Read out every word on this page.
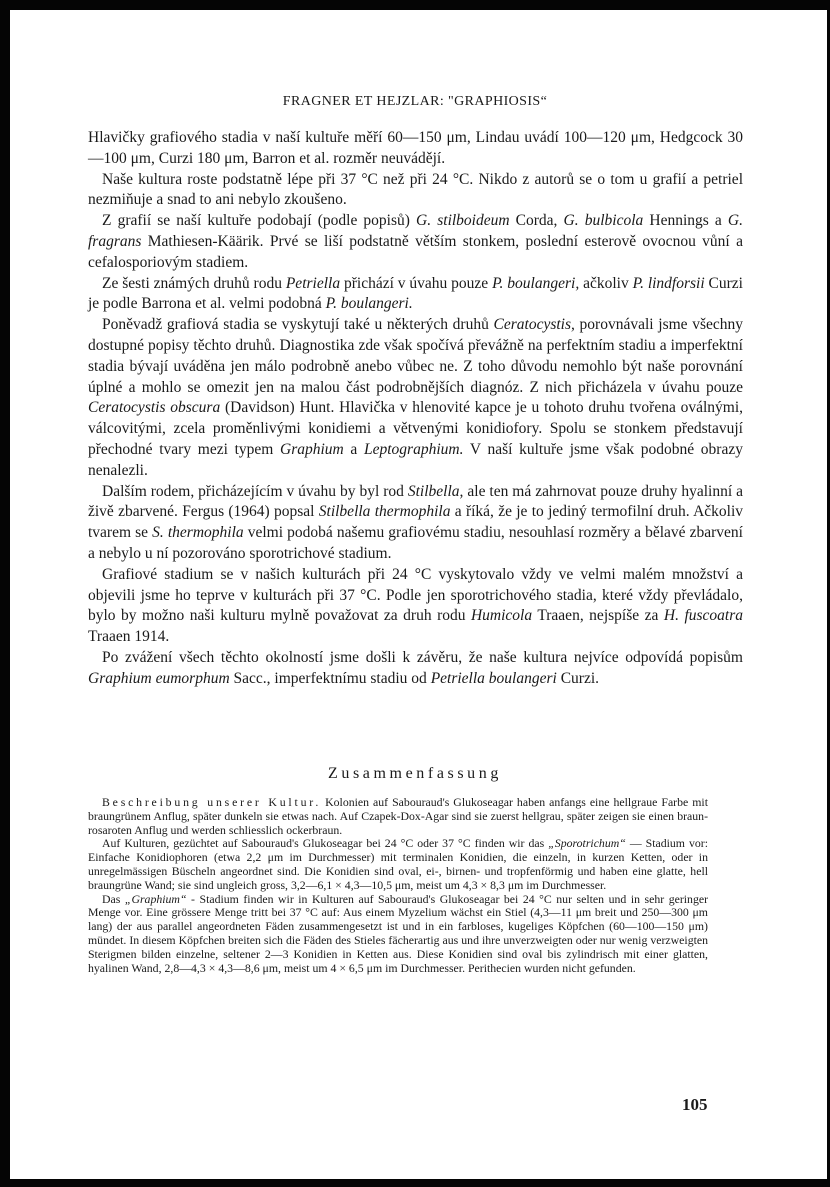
FRAGNER ET HEJZLAR: "GRAPHIOSIS“

Hlavičky grafiového stadia v naší kultuře měří 60—150 μm, Lindau uvádí 100—120 μm, Hedgcock 30—100 μm, Curzi 180 μm, Barron et al. rozměr neuvádějí.

Naše kultura roste podstatně lépe při 37 °C než při 24 °C. Nikdo z autorů se o tom u grafií a petriel nezmiňuje a snad to ani nebylo zkoušeno.

Z grafií se naší kultuře podobají (podle popisů) G. stilboideum Corda, G. bulbicola Hennings a G. fragrans Mathiesen-Käärik. Prvé se liší podstatně větším stonkem, poslední esterově ovocnou vůní a cefalosporiovým stadiem.

Ze šesti známých druhů rodu Petriella přichází v úvahu pouze P. boulangeri, ačkoliv P. lindforsii Curzi je podle Barrona et al. velmi podobná P. boulangeri.

Poněvadž grafiová stadia se vyskytují také u některých druhů Ceratocystis, porovnávali jsme všechny dostupné popisy těchto druhů. Diagnostika zde však spočívá převážně na perfektním stadiu a imperfektní stadia bývají uváděna jen málo podrobně anebo vůbec ne. Z toho důvodu nemohlo být naše porovnání úplné a mohlo se omezit jen na malou část podrobnějších diagnóz. Z nich přicházela v úvahu pouze Ceratocystis obscura (Davidson) Hunt. Hlavička v hlenovité kapce je u tohoto druhu tvořena oválnými, válcovitými, zcela proměnlivými konidiemi a větvenými konidiofory. Spolu se stonkem představují přechodné tvary mezi typem Graphium a Leptographium. V naší kultuře jsme však podobné obrazy nenalezli.

Dalším rodem, přicházejícím v úvahu by byl rod Stilbella, ale ten má zahrnovat pouze druhy hyalinní a živě zbarvené. Fergus (1964) popsal Stilbella thermophila a říká, že je to jediný termofilní druh. Ačkoliv tvarem se S. thermophila velmi podobá našemu grafiovému stadiu, nesouhlasí rozměry a bělavé zbarvení a nebylo u ní pozorováno sporotrichové stadium.

Grafiové stadium se v našich kulturách při 24 °C vyskytovalo vždy ve velmi malém množství a objevili jsme ho teprve v kulturách při 37 °C. Podle jen sporotrichového stadia, které vždy převládalo, bylo by možno naši kulturu mylně považovat za druh rodu Humicola Traaen, nejspíše za H. fuscoatra Traaen 1914.

Po zvážení všech těchto okolností jsme došli k závěru, že naše kultura nejvíce odpovídá popisům Graphium eumorphum Sacc., imperfektnímu stadiu od Petriella boulangeri Curzi.

Zusammenfassung

Beschreibung unserer Kultur. Kolonien auf Sabouraud's Glukoseagar haben anfangs eine hellgraue Farbe mit braungrünem Anflug, später dunkeln sie etwas nach. Auf Czapek-Dox-Agar sind sie zuerst hellgrau, später zeigen sie einen braun-rosaroten Anflug und werden schliesslich ockerbraun.

Auf Kulturen, gezüchtet auf Sabouraud's Glukoseagar bei 24 °C oder 37 °C finden wir das „Sporotrichum“ — Stadium vor: Einfache Konidiophoren (etwa 2,2 μm im Durchmesser) mit terminalen Konidien, die einzeln, in kurzen Ketten, oder in unregelmässigen Büscheln angeordnet sind. Die Konidien sind oval, ei-, birnen- und tropfenförmig und haben eine glatte, hell braungrüne Wand; sie sind ungleich gross, 3,2—6,1 × 4,3—10,5 μm, meist um 4,3 × 8,3 μm im Durchmesser.

Das „Graphium“ - Stadium finden wir in Kulturen auf Sabouraud's Glukoseagar bei 24 °C nur selten und in sehr geringer Menge vor. Eine grössere Menge tritt bei 37 °C auf: Aus einem Myzelium wächst ein Stiel (4,3—11 μm breit und 250—300 μm lang) der aus parallel angeordneten Fäden zusammengesetzt ist und in ein farbloses, kugeliges Köpfchen (60—100—150 μm) mündet. In diesem Köpfchen breiten sich die Fäden des Stieles fächerartig aus und ihre unverzweigten oder nur wenig verzweigten Sterigmen bilden einzelne, seltener 2—3 Konidien in Ketten aus. Diese Konidien sind oval bis zylindrisch mit einer glatten, hyalinen Wand, 2,8—4,3 × 4,3—8,6 μm, meist um 4 × 6,5 μm im Durchmesser. Perithecien wurden nicht gefunden.

105
